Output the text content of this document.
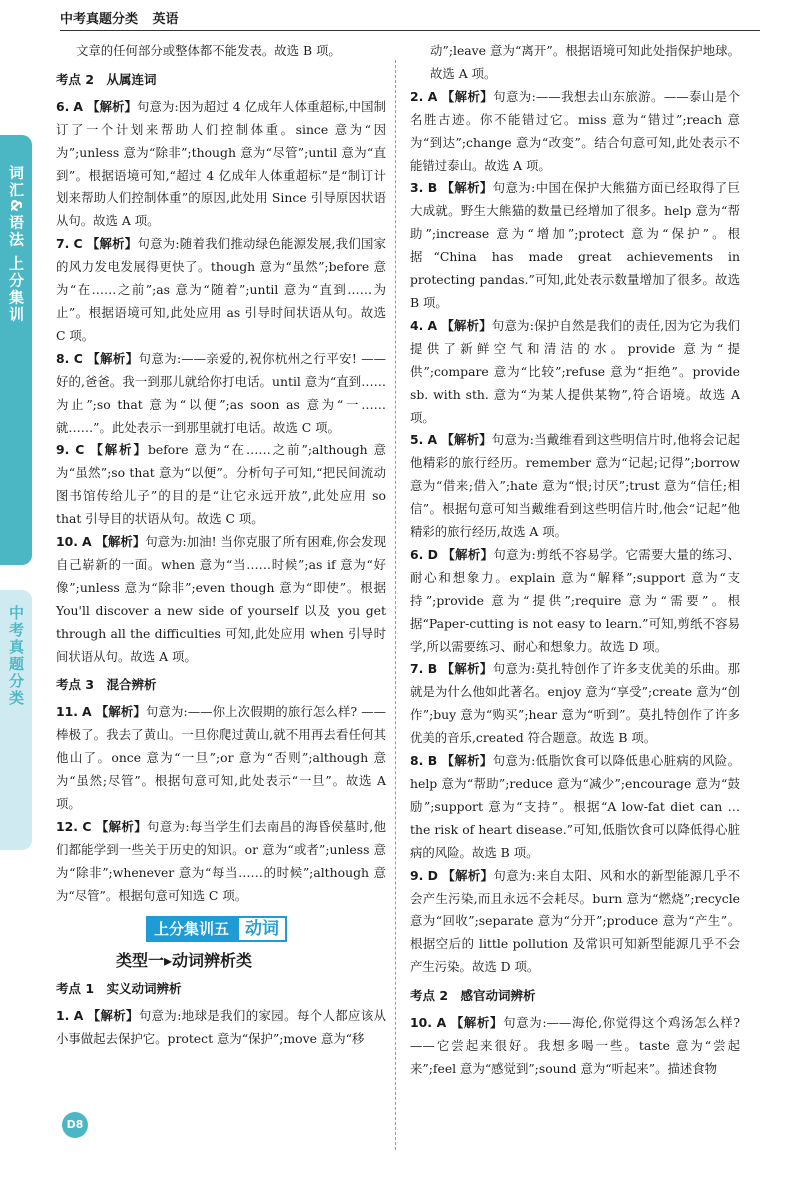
中考真题分类 英语
词汇&语法 上分集训
中考真题分类

文章的任何部分或整体都不能发表。故选 B 项。

考点 2　从属连词

6. A 【解析】句意为:因为超过 4 亿成年人体重超标,中国制订了一个计划来帮助人们控制体重。since 意为“因为”;unless 意为“除非”;though 意为“尽管”;until 意为“直到”。根据语境可知,“超过 4 亿成年人体重超标”是“制订计划来帮助人们控制体重”的原因,此处用 Since 引导原因状语从句。故选 A 项。

7. C 【解析】句意为:随着我们推动绿色能源发展,我们国家的风力发电发展得更快了。though 意为“虽然”;before 意为“在……之前”;as 意为“随着”;until 意为“直到……为止”。根据语境可知,此处应用 as 引导时间状语从句。故选 C 项。

8. C 【解析】句意为:——亲爱的,祝你杭州之行平安! ——好的,爸爸。我一到那儿就给你打电话。until 意为“直到……为止”;so that 意为“以便”;as soon as 意为“一……就……”。此处表示一到那里就打电话。故选 C 项。

9. C 【解析】before 意为“在……之前”;although 意为“虽然”;so that 意为“以便”。分析句子可知,“把民间流动图书馆传给儿子”的目的是“让它永远开放”,此处应用 so that 引导目的状语从句。故选 C 项。

10. A 【解析】句意为:加油! 当你克服了所有困难,你会发现自己崭新的一面。when 意为“当……时候”;as if 意为“好像”;unless 意为“除非”;even though 意为“即使”。根据 You'll discover a new side of yourself 以及 you get through all the difficulties 可知,此处应用 when 引导时间状语从句。故选 A 项。

考点 3　混合辨析

11. A 【解析】句意为:——你上次假期的旅行怎么样? ——棒极了。我去了黄山。一旦你爬过黄山,就不用再去看任何其他山了。once 意为“一旦”;or 意为“否则”;although 意为“虽然;尽管”。根据句意可知,此处表示“一旦”。故选 A 项。

12. C 【解析】句意为:每当学生们去南昌的海昏侯墓时,他们都能学到一些关于历史的知识。or 意为“或者”;unless 意为“除非”;whenever 意为“每当……的时候”;although 意为“尽管”。根据句意可知选 C 项。

上分集训五 动词
类型一▸动词辨析类
考点 1　实义动词辨析

1. A 【解析】句意为:地球是我们的家园。每个人都应该从小事做起去保护它。protect 意为“保护”;move 意为“移

动”;leave 意为“离开”。根据语境可知此处指保护地球。故选 A 项。

2. A 【解析】句意为:——我想去山东旅游。——泰山是个名胜古迹。你不能错过它。miss 意为“错过”;reach 意为“到达”;change 意为“改变”。结合句意可知,此处表示不能错过泰山。故选 A 项。

3. B 【解析】句意为:中国在保护大熊猫方面已经取得了巨大成就。野生大熊猫的数量已经增加了很多。help 意为“帮助”;increase 意为“增加”;protect 意为“保护”。根据“China has made great achievements in protecting pandas.”可知,此处表示数量增加了很多。故选 B 项。

4. A 【解析】句意为:保护自然是我们的责任,因为它为我们提供了新鲜空气和清洁的水。provide 意为“提供”;compare 意为“比较”;refuse 意为“拒绝”。provide sb. with sth. 意为“为某人提供某物”,符合语境。故选 A 项。

5. A 【解析】句意为:当戴维看到这些明信片时,他将会记起他精彩的旅行经历。remember 意为“记起;记得”;borrow 意为“借来;借入”;hate 意为“恨;讨厌”;trust 意为“信任;相信”。根据句意可知当戴维看到这些明信片时,他会“记起”他精彩的旅行经历,故选 A 项。

6. D 【解析】句意为:剪纸不容易学。它需要大量的练习、耐心和想象力。explain 意为“解释”;support 意为“支持”;provide 意为“提供”;require 意为“需要”。根据“Paper-cutting is not easy to learn.”可知,剪纸不容易学,所以需要练习、耐心和想象力。故选 D 项。

7. B 【解析】句意为:莫扎特创作了许多支优美的乐曲。那就是为什么他如此著名。enjoy 意为“享受”;create 意为“创作”;buy 意为“购买”;hear 意为“听到”。莫扎特创作了许多优美的音乐,created 符合题意。故选 B 项。

8. B 【解析】句意为:低脂饮食可以降低患心脏病的风险。help 意为“帮助”;reduce 意为“减少”;encourage 意为“鼓励”;support 意为“支持”。根据“A low-fat diet can … the risk of heart disease.”可知,低脂饮食可以降低得心脏病的风险。故选 B 项。

9. D 【解析】句意为:来自太阳、风和水的新型能源几乎不会产生污染,而且永远不会耗尽。burn 意为“燃烧”;recycle 意为“回收”;separate 意为“分开”;produce 意为“产生”。根据空后的 little pollution 及常识可知新型能源几乎不会产生污染。故选 D 项。

考点 2　感官动词辨析

10. A 【解析】句意为:——海伦,你觉得这个鸡汤怎么样? ——它尝起来很好。我想多喝一些。taste 意为“尝起来”;feel 意为“感觉到”;sound 意为“听起来”。描述食物

D8
